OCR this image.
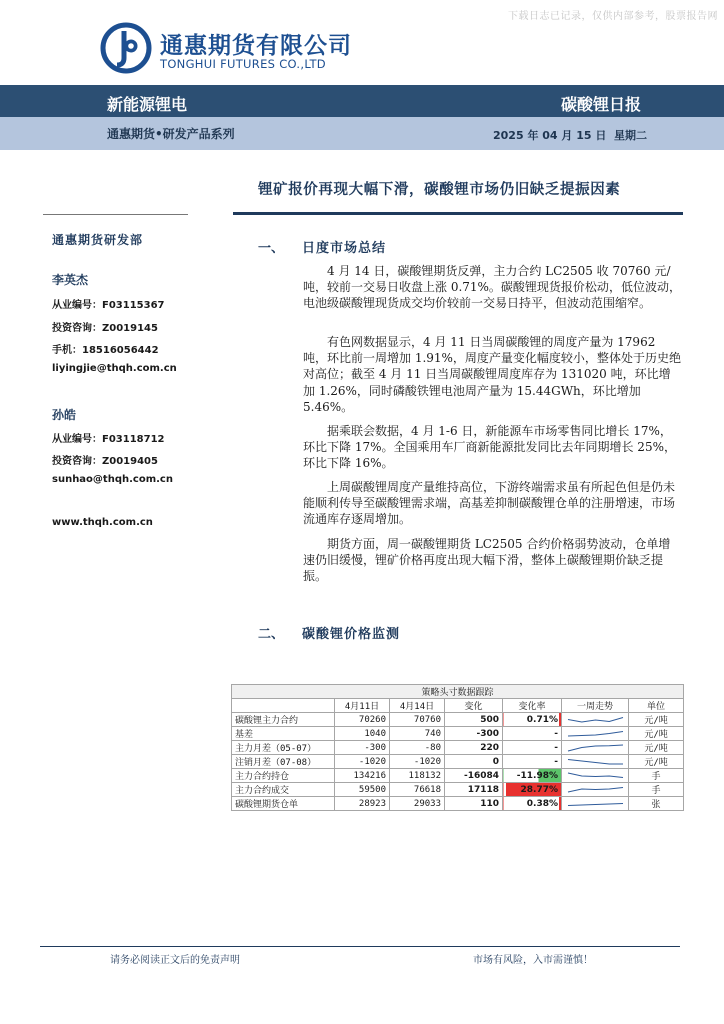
下载日志已记录，仅供内部参考，股票报告网
通惠期货有限公司
TONGHUI FUTURES CO.,LTD
新能源锂电	碳酸锂日报
通惠期货•研发产品系列	2025 年 04 月 15 日 星期二
锂矿报价再现大幅下滑，碳酸锂市场仍旧缺乏提振因素
通惠期货研发部
李英杰
从业编号：F03115367
投资咨询：Z0019145
手机：18516056442
liyingjie@thqh.com.cn
孙皓
从业编号：F03118712
投资咨询：Z0019405
sunhao@thqh.com.cn
www.thqh.com.cn
一、 日度市场总结

4 月 14 日，碳酸锂期货反弹，主力合约 LC2505 收 70760 元/吨，较前一交易日收盘上涨 0.71%。碳酸锂现货报价松动，低位波动，电池级碳酸锂现货成交均价较前一交易日持平，但波动范围缩窄。

有色网数据显示，4 月 11 日当周碳酸锂的周度产量为 17962 吨，环比前一周增加 1.91%，周度产量变化幅度较小，整体处于历史绝对高位；截至 4 月 11 日当周碳酸锂周度库存为 131020 吨，环比增加 1.26%，同时磷酸铁锂电池周产量为 15.44GWh，环比增加 5.46%。

据乘联会数据，4 月 1-6 日，新能源车市场零售同比增长 17%，环比下降 17%。全国乘用车厂商新能源批发同比去年同期增长 25%，环比下降 16%。

上周碳酸锂周度产量维持高位，下游终端需求虽有所起色但是仍未能顺利传导至碳酸锂需求端，高基差抑制碳酸锂仓单的注册增速，市场流通库存逐周增加。

期货方面，周一碳酸锂期货 LC2505 合约价格弱势波动，仓单增速仍旧缓慢，锂矿价格再度出现大幅下滑，整体上碳酸锂期价缺乏提振。

二、 碳酸锂价格监测
策略头寸数据跟踪						
	4月11日	4月14日	变化	变化率	一周走势	单位
碳酸锂主力合约	70260	70760	500	0.71%		元/吨
基差	1040	740	-300	-		元/吨
主力月差（05-07）	-300	-80	220	-		元/吨
注销月差（07-08）	-1020	-1020	0	-		元/吨
主力合约持仓	134216	118132	-16084	-11.98%		手
主力合约成交	59500	76618	17118	28.77%		手
碳酸锂期货仓单	28923	29033	110	0.38%		张
请务必阅读正文后的免责声明	市场有风险，入市需谨慎！
